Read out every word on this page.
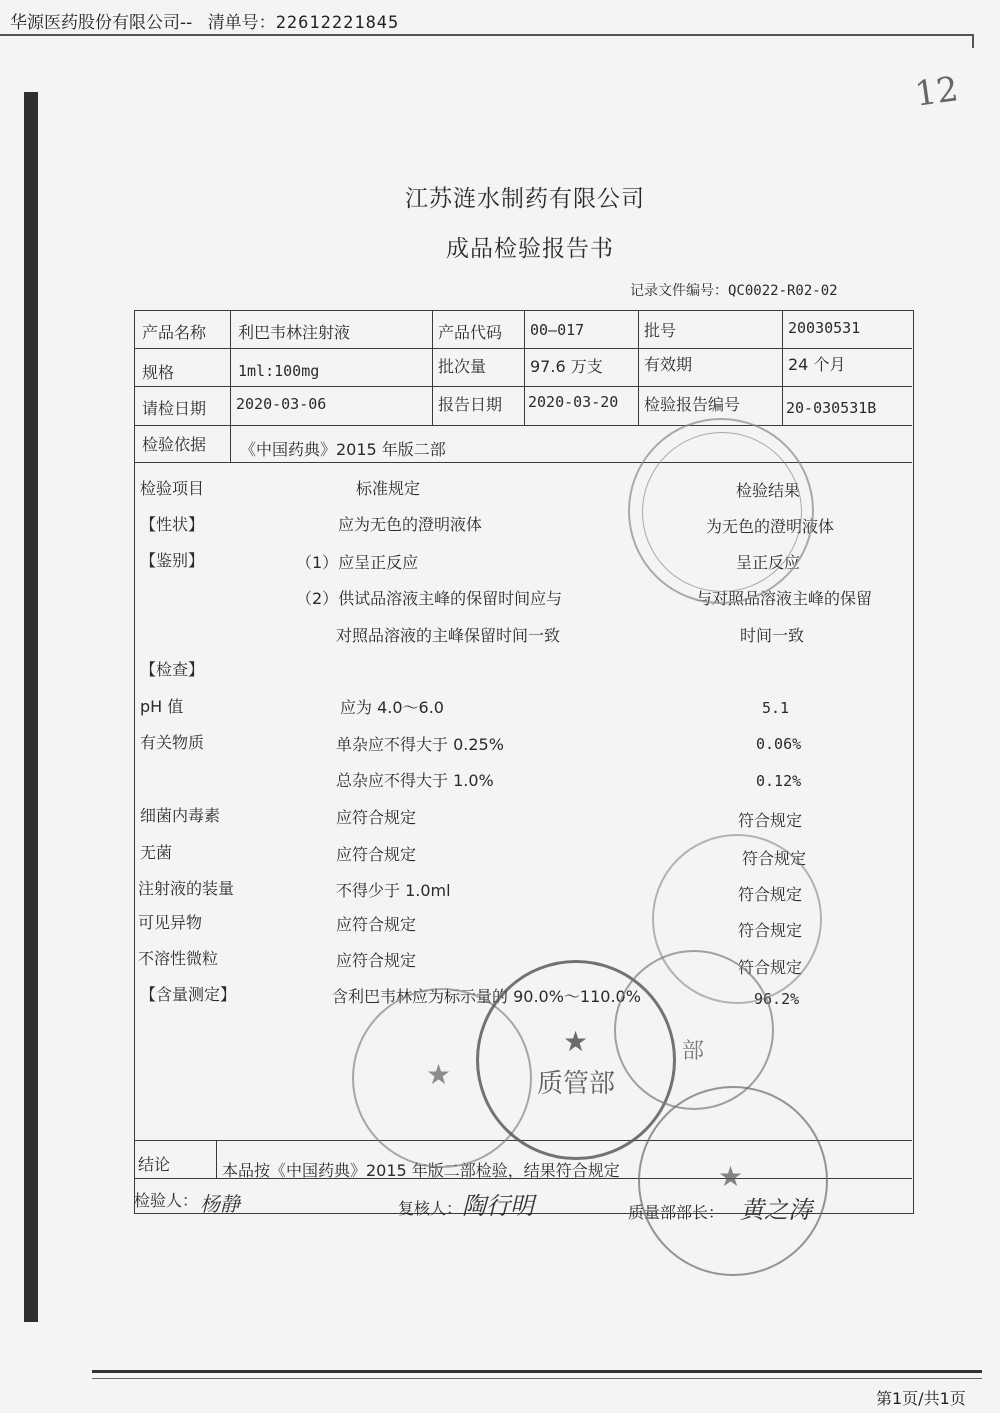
华源医药股份有限公司-- 清单号：22612221845
12
江苏涟水制药有限公司
成品检验报告书
记录文件编号：QC0022-R02-02
产品名称 利巴韦林注射液	产品代码 00—017	批号	20030531
规格	1ml:100mg	批次量	97.6 万支	有效期	24 个月
请检日期 2020-03-06	报告日期 2020-03-20 检验报告编号	20-030531B
检验依据 《中国药典》2015 年版二部
检验项目	标准规定	检验结果
【性状】	应为无色的澄明液体	为无色的澄明液体
【鉴别】	（1）应呈正反应	呈正反应
（2）供试品溶液主峰的保留时间应与	与对照品溶液主峰的保留
对照品溶液的主峰保留时间一致	时间一致
【检查】
pH 值	应为 4.0～6.0	5.1
有关物质	单杂应不得大于 0.25%	0.06%
总杂应不得大于 1.0%	0.12%
细菌内毒素	应符合规定	符合规定
无菌	应符合规定	符合规定
注射液的装量	不得少于 1.0ml	符合规定
可见异物	应符合规定	符合规定
不溶性微粒	应符合规定	符合规定
【含量测定】	含利巴韦林应为标示量的 90.0%～110.0%	96.2%
结论	本品按《中国药典》2015 年版二部检验，结果符合规定
检验人： 杨静	复核人： 陶行明	质量部部长： 黄之涛
★
★
质管部
部
★
第1页/共1页
